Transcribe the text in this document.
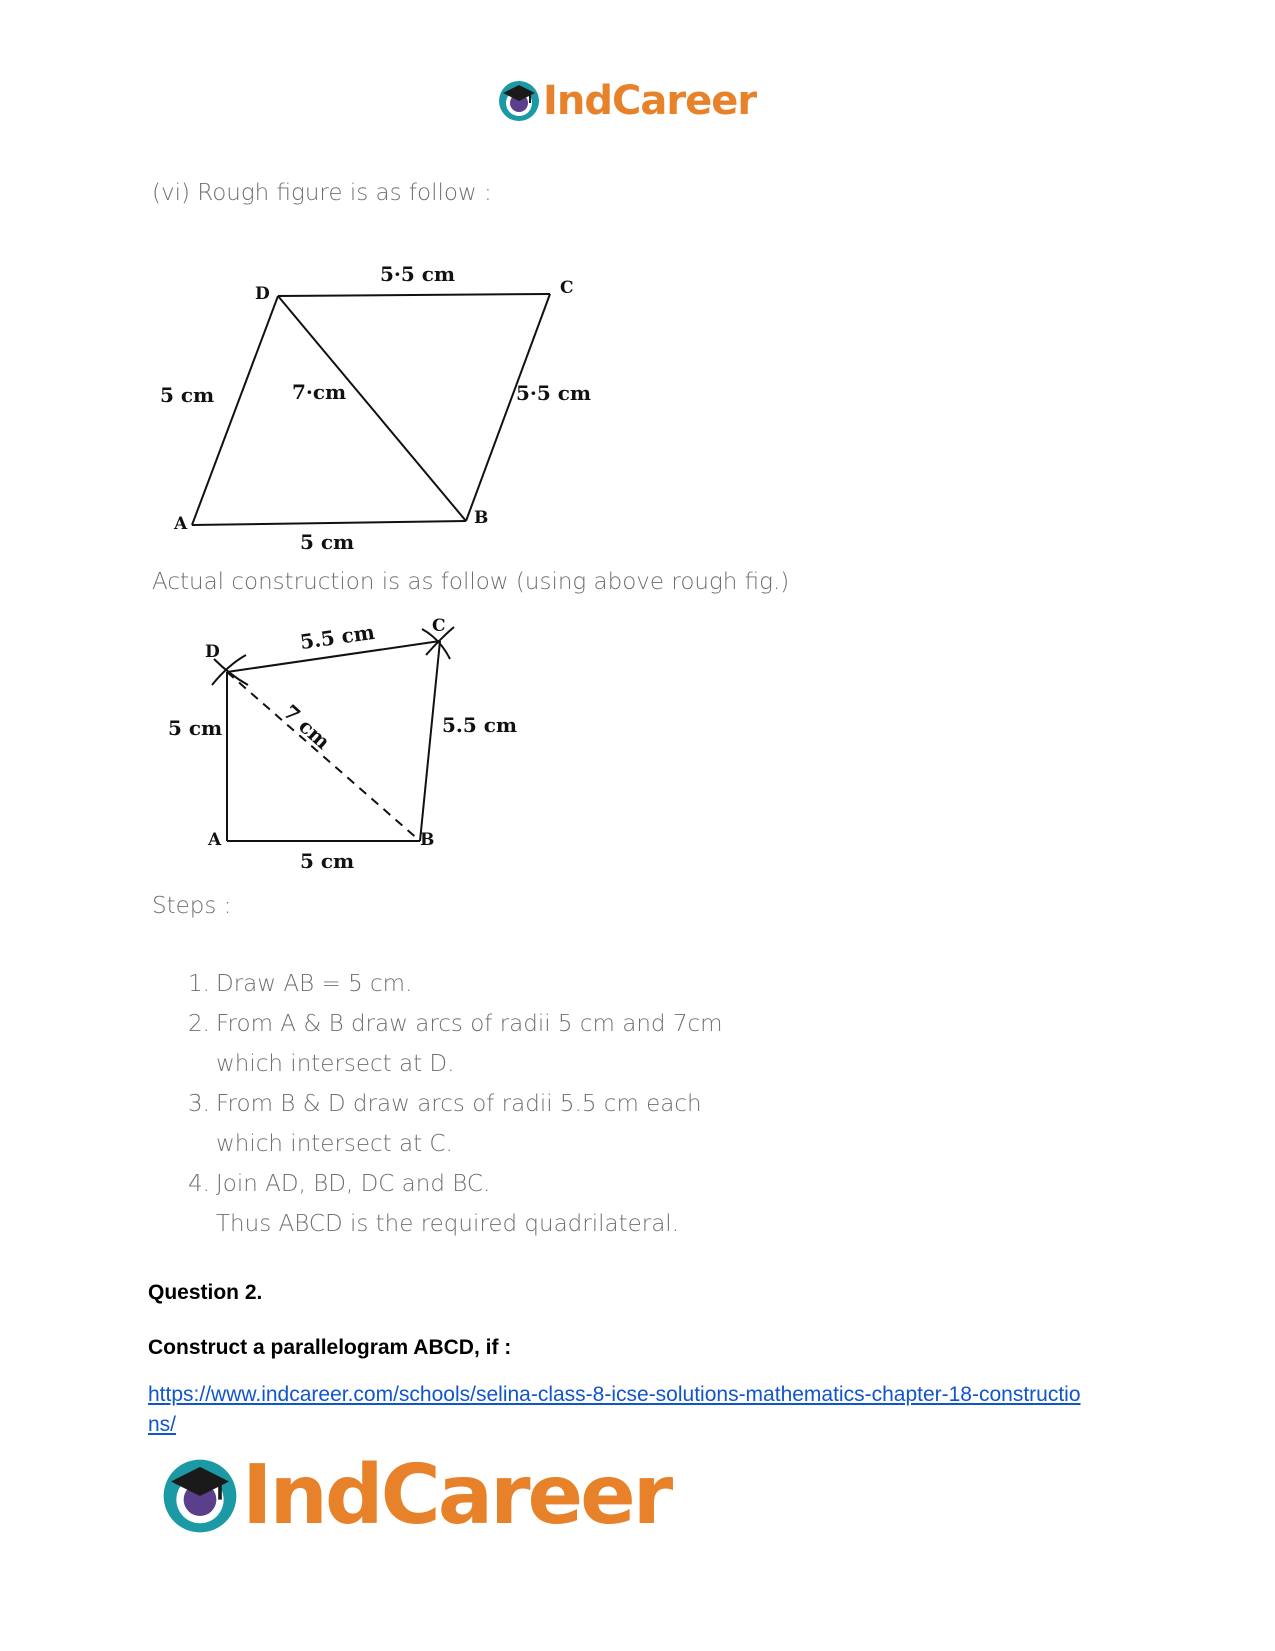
IndCareer
(vi) Rough figure is as follow :
D	C
A	B
5·5 cm
5 cm	7·cm	5·5 cm
5 cm
Actual construction is as follow (using above rough fig.)
D
C
A	B
5.5 cm
5 cm	7 cm	5.5 cm
5 cm
Steps :
1. Draw AB = 5 cm.
2. From A & B draw arcs of radii 5 cm and 7cm
which intersect at D.
3. From B & D draw arcs of radii 5.5 cm each
which intersect at C.
4. Join AD, BD, DC and BC.
Thus ABCD is the required quadrilateral.
Question 2.
Construct a parallelogram ABCD, if :
https://www.indcareer.com/schools/selina-class-8-icse-solutions-mathematics-chapter-18-constructions/
IndCareer
